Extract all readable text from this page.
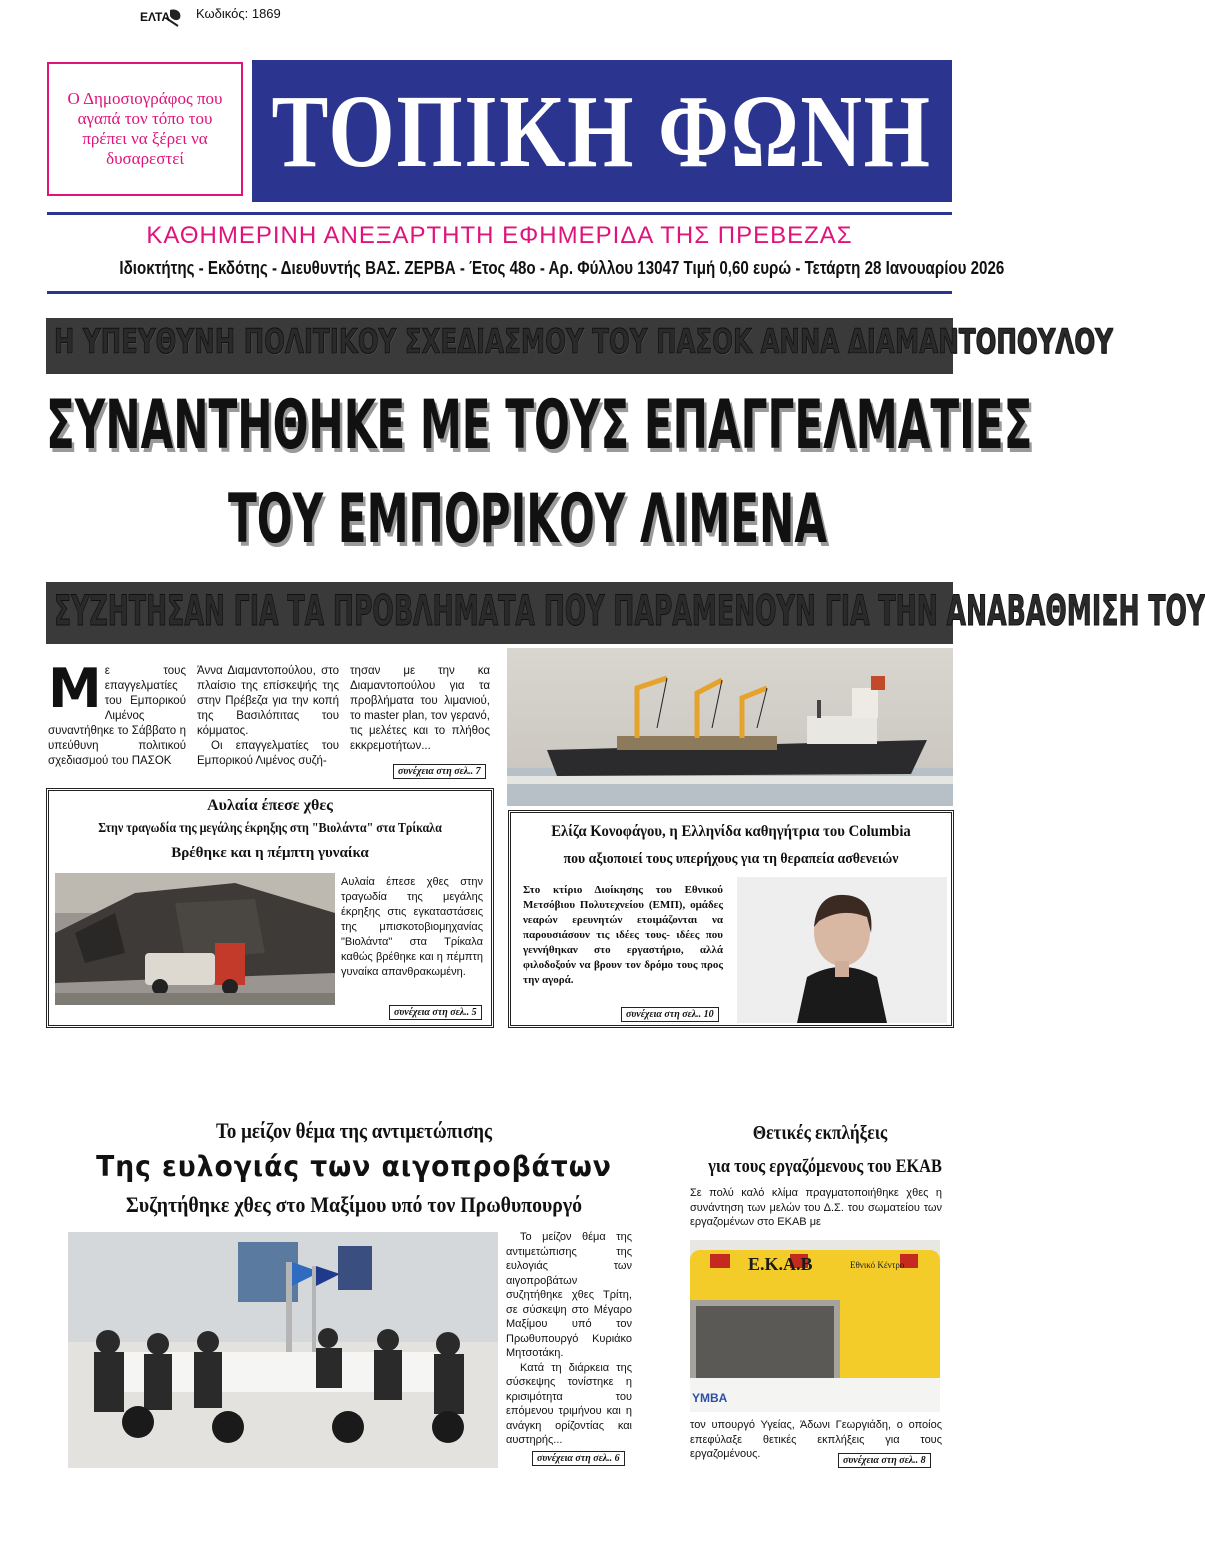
ΕΛΤΑ Κωδικός: 1869
Ο Δημοσιογράφος που αγαπά τον τόπο του πρέπει να ξέρει να δυσαρεστεί ΤΟΠΙΚΗ ΦΩΝΗ
ΚΑΘΗΜΕΡΙΝΗ ΑΝΕΞΑΡΤΗΤΗ ΕΦΗΜΕΡΙΔΑ ΤΗΣ ΠΡΕΒΕΖΑΣ
Ιδιοκτήτης - Εκδότης - Διευθυντής ΒΑΣ. ΖΕΡΒΑ - Έτος 48ο - Αρ. Φύλλου 13047 Τιμή 0,60 ευρώ - Τετάρτη 28 Ιανουαρίου 2026
Η ΥΠΕΥΘΥΝΗ ΠΟΛΙΤΙΚΟΥ ΣΧΕΔΙΑΣΜΟΥ ΤΟΥ ΠΑΣΟΚ ΑΝΝΑ ΔΙΑΜΑΝΤΟΠΟΥΛΟΥ
ΣΥΝΑΝΤΗΘΗΚΕ ΜΕ ΤΟΥΣ ΕΠΑΓΓΕΛΜΑΤΙΕΣ
ΤΟΥ ΕΜΠΟΡΙΚΟΥ ΛΙΜΕΝΑ
ΣΥΖΗΤΗΣΑΝ ΓΙΑ ΤΑ ΠΡΟΒΛΗΜΑΤΑ ΠΟΥ ΠΑΡΑΜΕΝΟΥΝ ΓΙΑ ΤΗΝ ΑΝΑΒΑΘΜΙΣΗ ΤΟΥ
Μ ε τους επαγγελματίες του Εμπορικού Λιμένος συναντήθηκε το Σάββατο η υπεύθυνη πολιτικού σχεδιασμού του ΠΑΣΟΚ
Άννα Διαμαντοπούλου, στο πλαίσιο της επίσκεψής της στην Πρέβεζα για την κοπή της Βασιλόπιτας του κόμματος.
Οι επαγγελματίες του Εμπορικού Λιμένος συζή-
τησαν με την κα Διαμαντοπούλου για τα προβλήματα του λιμανιού, το master plan, τον γερανό, τις μελέτες και το πλήθος εκκρεμοτήτων...
συνέχεια στη σελ.. 7
Αυλαία έπεσε χθες
Στην τραγωδία της μεγάλης έκρηξης στη "Βιολάντα" στα Τρίκαλα
Βρέθηκε και η πέμπτη γυναίκα
Αυλαία έπεσε χθες στην τραγωδία της μεγάλης έκρηξης στις εγκαταστάσεις της μπισκοτοβιομηχανίας "Βιολάντα" στα Τρίκαλα καθώς βρέθηκε και η πέμπτη γυναίκα απανθρακωμένη.
συνέχεια στη σελ.. 5
Ελίζα Κονοφάγου, η Ελληνίδα καθηγήτρια του Columbia
που αξιοποιεί τους υπερήχους για τη θεραπεία ασθενειών
Στο κτίριο Διοίκησης του Εθνικού Μετσόβιου Πολυτεχνείου (ΕΜΠ), ομάδες νεαρών ερευνητών ετοιμάζονται να παρουσιάσουν τις ιδέες τους- ιδέες που γεννήθηκαν στο εργαστήριο, αλλά φιλοδοξούν να βρουν τον δρόμο τους προς την αγορά.
συνέχεια στη σελ.. 10
Το μείζον θέμα της αντιμετώπισης
Της ευλογιάς των αιγοπροβάτων
Συζητήθηκε χθες στο Μαξίμου υπό τον Πρωθυπουργό
Το μείζον θέμα της αντιμετώπισης της ευλογιάς των αιγοπροβάτων συζητήθηκε χθες Τρίτη, σε σύσκεψη στο Μέγαρο Μαξίμου υπό τον Πρωθυπουργό Κυριάκο Μητσοτάκη.
Κατά τη διάρκεια της σύσκεψης τονίστηκε η κρισιμότητα του επόμενου τριμήνου και η ανάγκη ορίζοντίας και αυστηρής...
συνέχεια στη σελ.. 6
Θετικές εκπλήξεις
για τους εργαζόμενους του ΕΚΑΒ
Σε πολύ καλό κλίμα πραγματοποιήθηκε χθες η συνάντηση των μελών του Δ.Σ. του σωματείου των εργαζομένων στο ΕΚΑΒ με
Ε.Κ.Α.Β	Εθνικό Κέντρο
ΥΜΒΑ
τον υπουργό Υγείας, Άδωνι Γεωργιάδη, ο οποίος επεφύλαξε θετικές εκπλήξεις για τους εργαζομένους.
συνέχεια στη σελ.. 8
